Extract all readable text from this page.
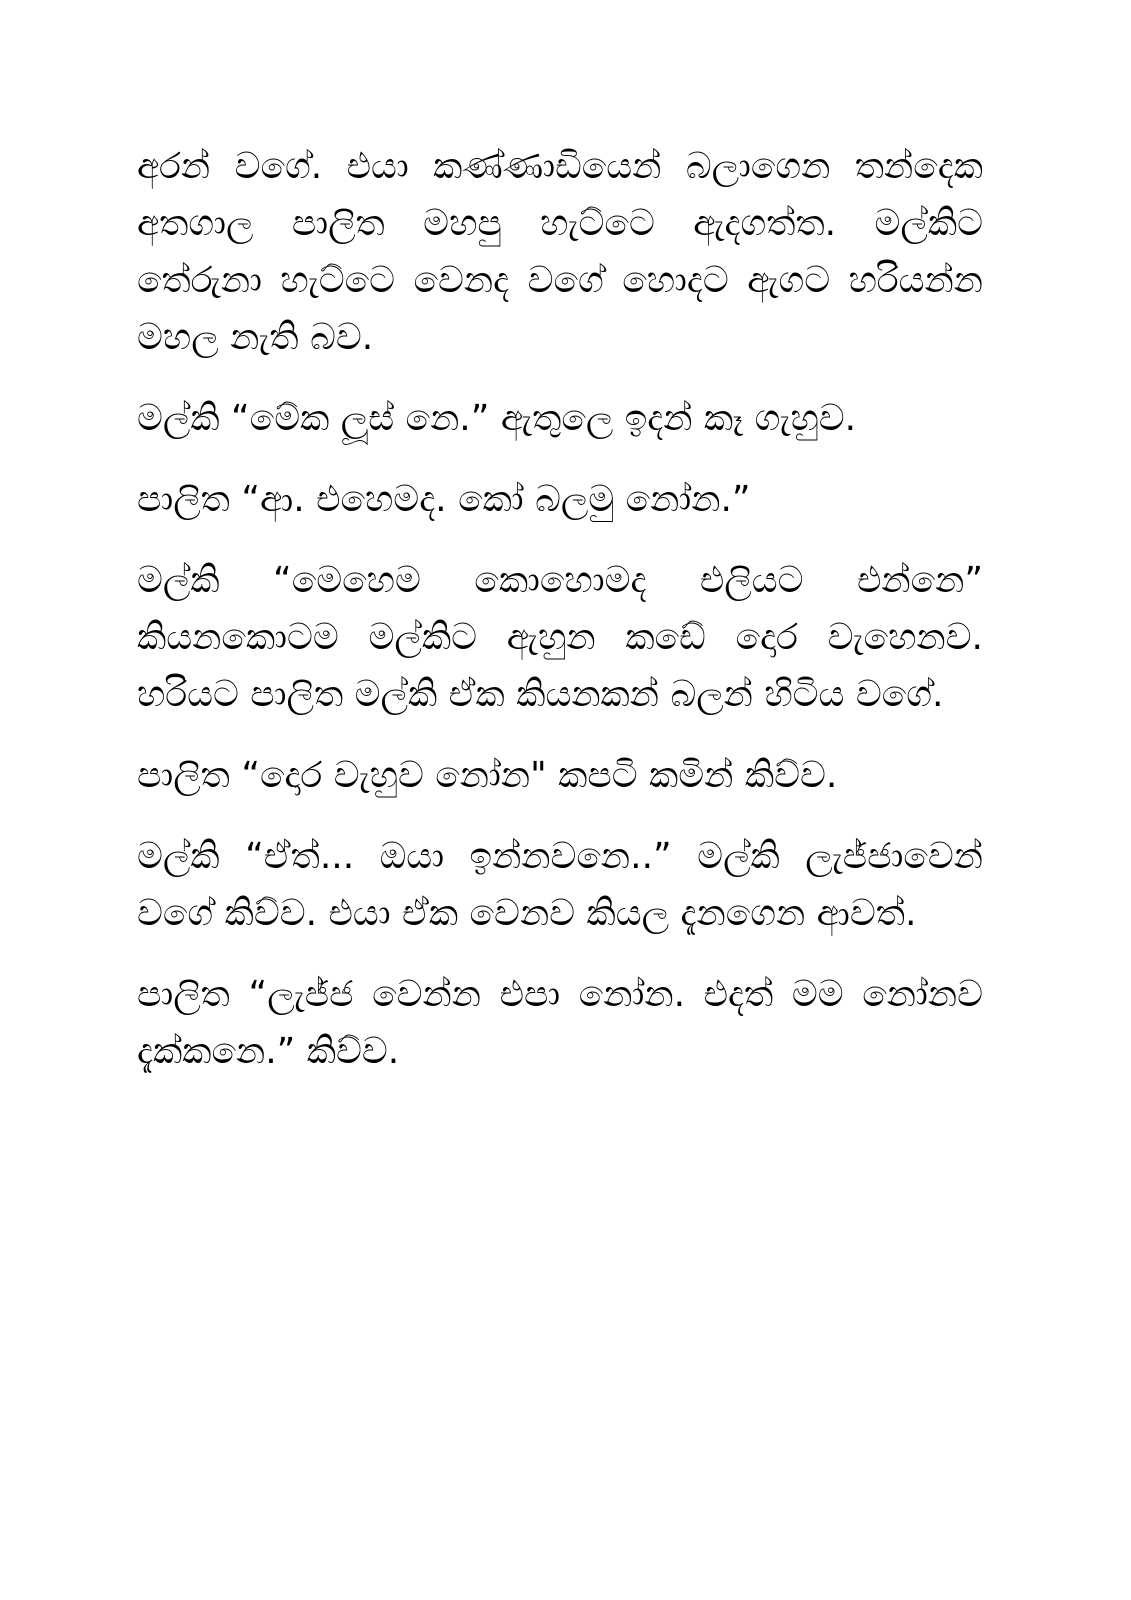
අරන් වගේ. එයා කණ්ණාඩියෙන් බලාගෙන තන්දෙක අතගාල පාලිත මහපු හැට්ටෙ ඇදගත්ත. මල්කිට තේරුනා හැට්ටෙ වෙනද වගේ හොදට ඇගට හරියන්න මහල නැති බව.

මල්කි “මේක ලූස් නෙ.” ඇතුලෙ ඉදන් කෑ ගැහුව.

පාලිත “ආ. එහෙමද. කෝ බලමු නෝන.”

මල්කි “මෙහෙම කොහොමද එලියට එන්නෙ” කියනකොටම මල්කිට ඇහුන කඩේ දොර වැහෙනව. හරියට පාලිත මල්කි ඒක කියනකන් බලන් හිටිය වගේ.

පාලිත “දොර වැහුව නෝන" කපටි කමින් කිව්ව.

මල්කි “ඒත්... ඔයා ඉන්නවනෙ..” මල්කි ලැජ්ජාවෙන් වගේ කිව්ව. එයා ඒක වෙනව කියල දැනගෙන ආවත්.

පාලිත “ලැජ්ජ වෙන්න එපා නෝන. එදත් මම නෝනව දැක්කනෙ.” කිව්ව.
